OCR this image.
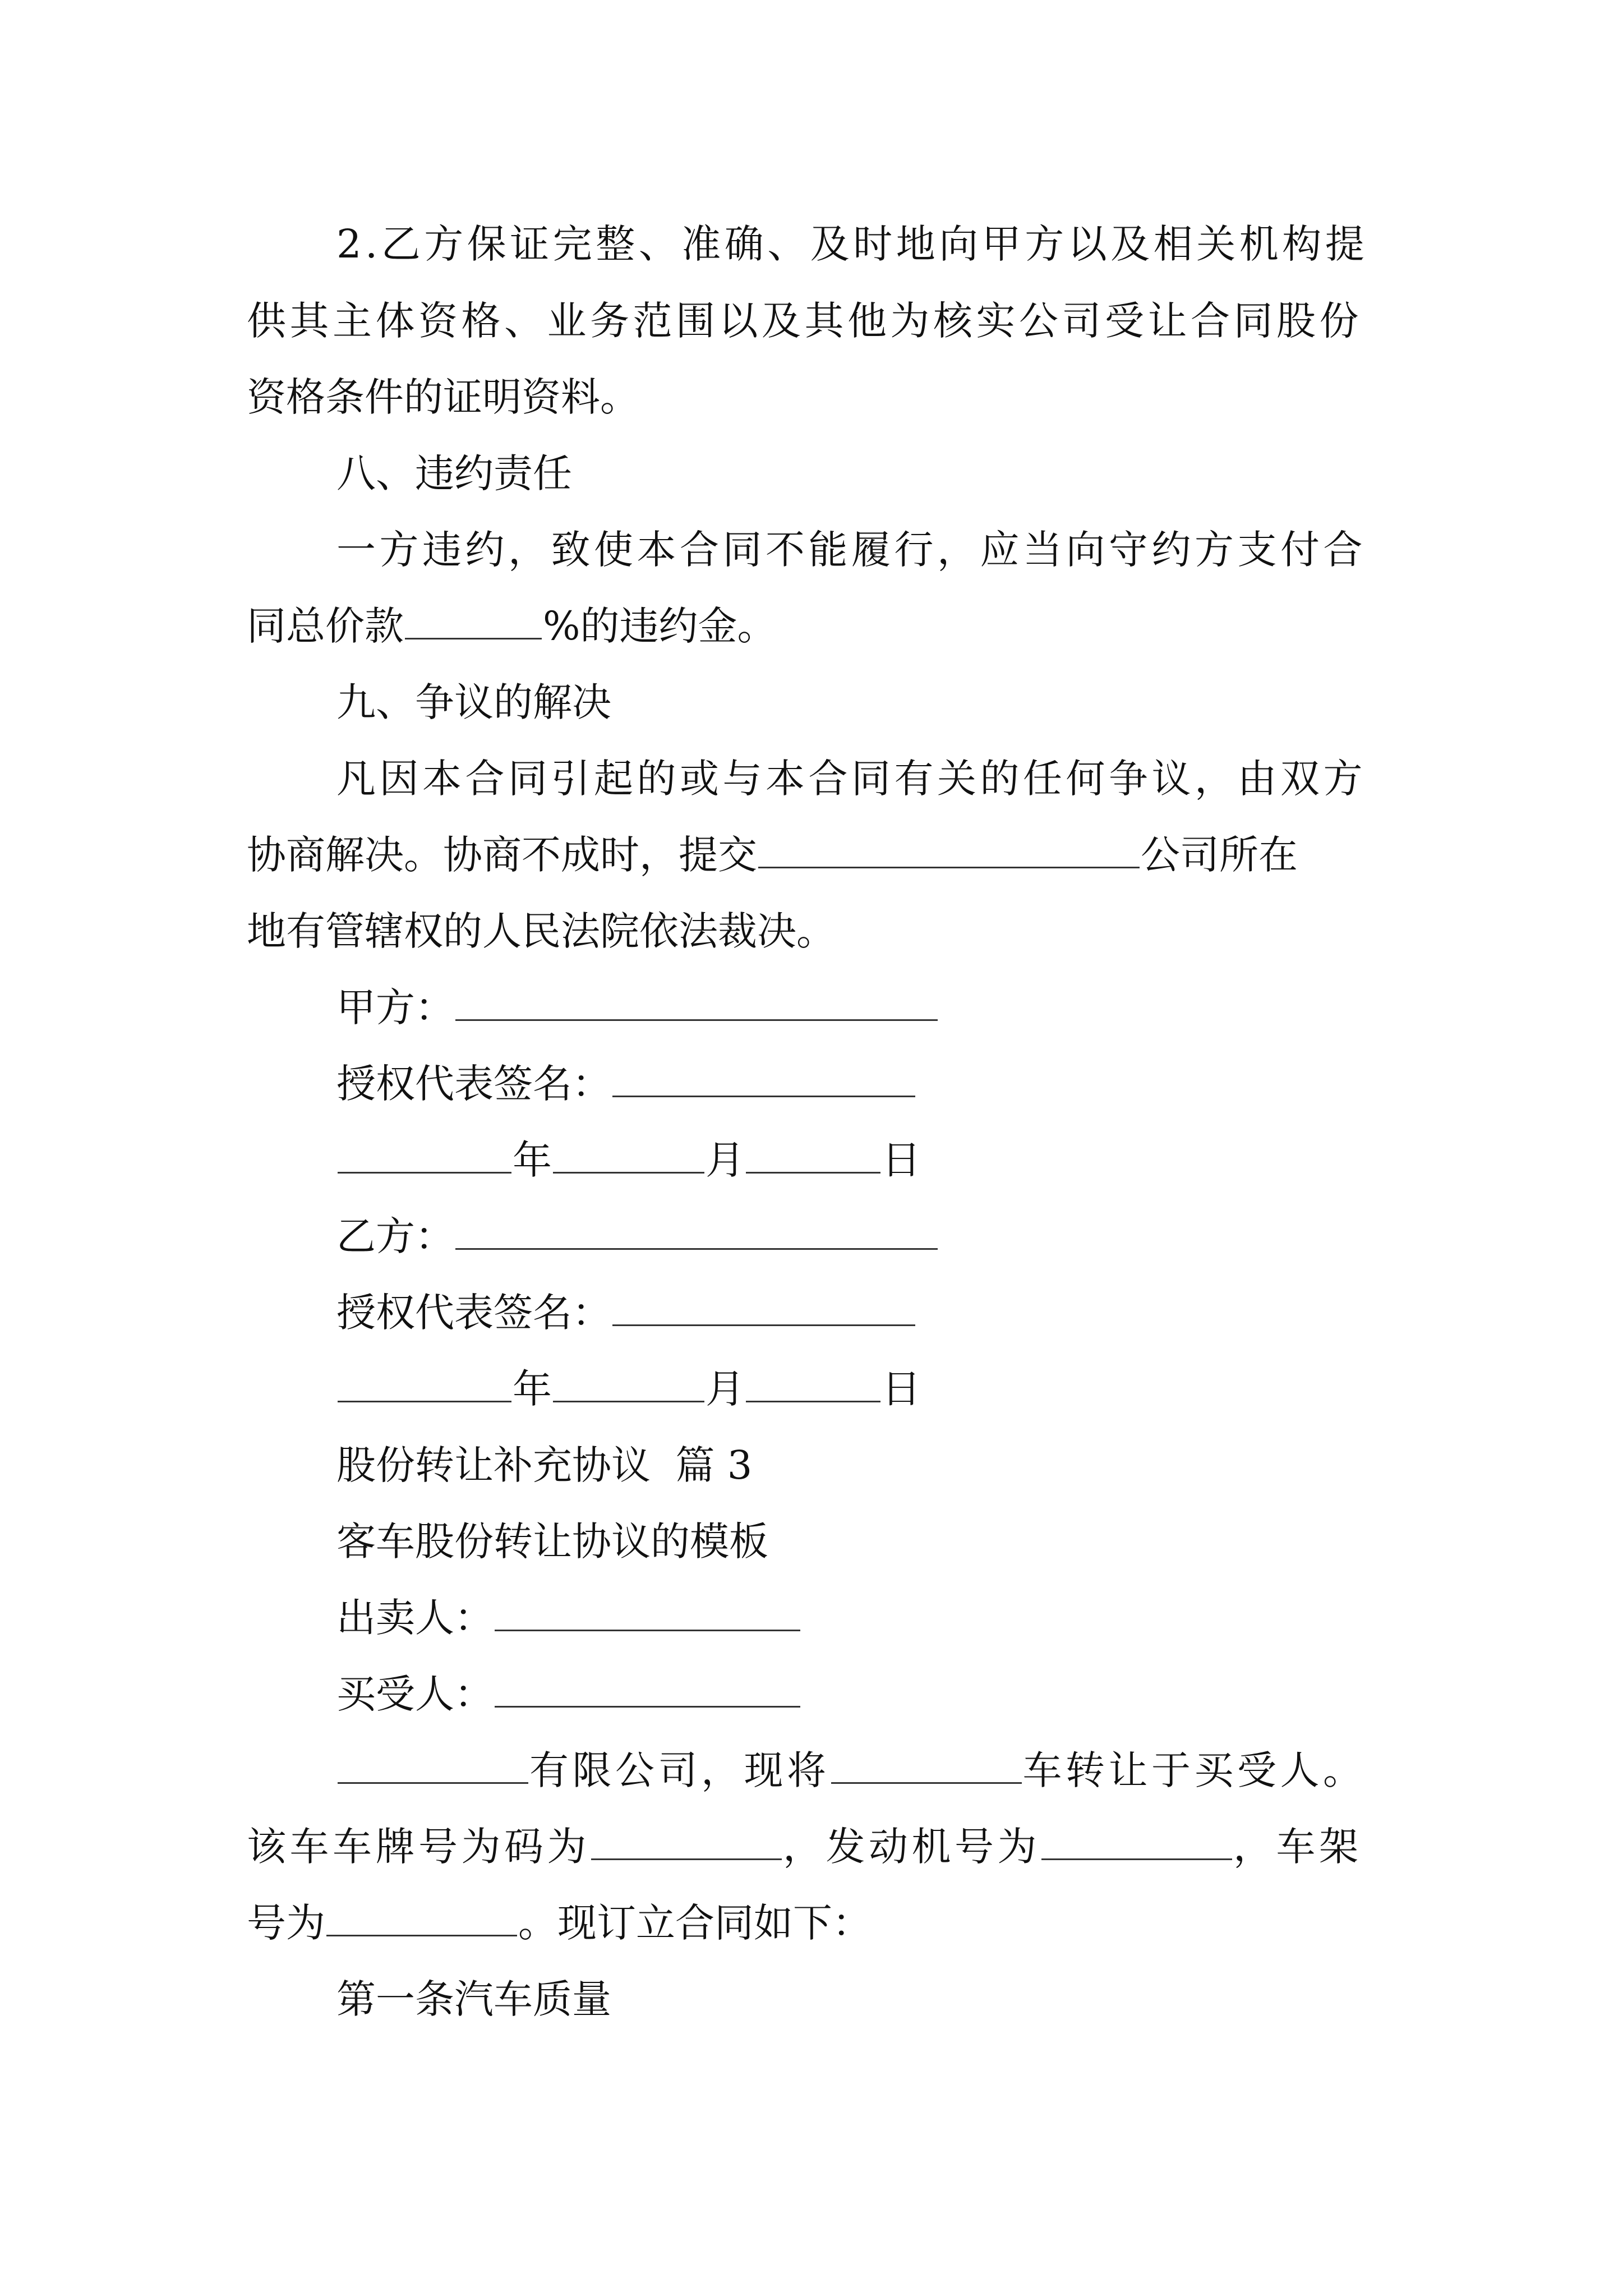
2.乙方保证完整、准确、及时地向甲方以及相关机构提

供其主体资格、业务范围以及其他为核实公司受让合同股份

资格条件的证明资料。

八、违约责任

一方违约，致使本合同不能履行，应当向守约方支付合

同总价款	%的违约金。

九、争议的解决

凡因本合同引起的或与本合同有关的任何争议，由双方

协商解决。协商不成时，提交	公司所在

地有管辖权的人民法院依法裁决。

甲方：

授权代表签名：

年	月	日

乙方：

授权代表签名：

年	月	日

股份转让补充协议  篇 3

客车股份转让协议的模板

出卖人：

买受人：

有限公司，现将	车转让于买受人。

该车车牌号为码为	，发动机号为	，车架

号为	。现订立合同如下：

第一条汽车质量
